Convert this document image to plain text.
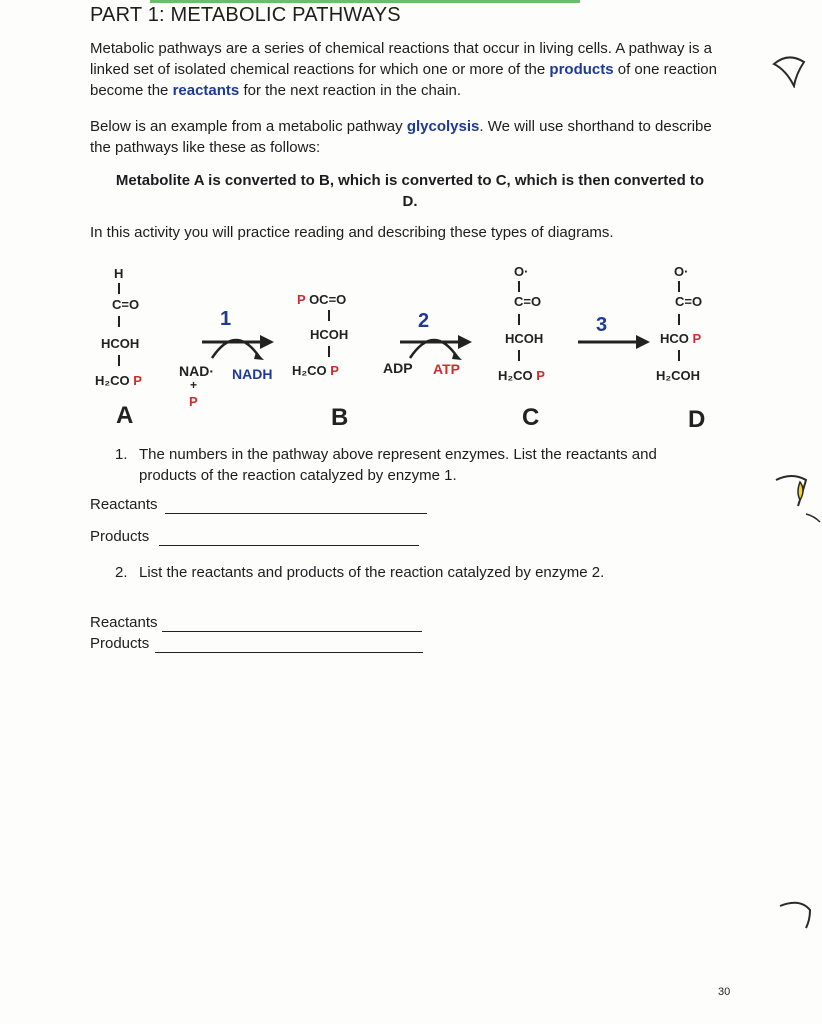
PART 1: METABOLIC PATHWAYS
Metabolic pathways are a series of chemical reactions that occur in living cells. A pathway is a linked set of isolated chemical reactions for which one or more of the products of one reaction become the reactants for the next reaction in the chain.
Below is an example from a metabolic pathway glycolysis. We will use shorthand to describe the pathways like these as follows:
Metabolite A is converted to B, which is converted to C, which is then converted to
D.
In this activity you will practice reading and describing these types of diagrams.
H
C=O
HCOH
H₂CO P
A
1
NAD·
+
P
NADH
P OC=O
HCOH
H₂CO P
B
2
ADP ATP
O·
C=O
HCOH
H₂CO P
C
3
O·
C=O
HCO P
H₂COH
D
1. The numbers in the pathway above represent enzymes. List the reactants and products of the reaction catalyzed by enzyme 1.
Reactants
Products
2. List the reactants and products of the reaction catalyzed by enzyme 2.
Reactants
Products
30
